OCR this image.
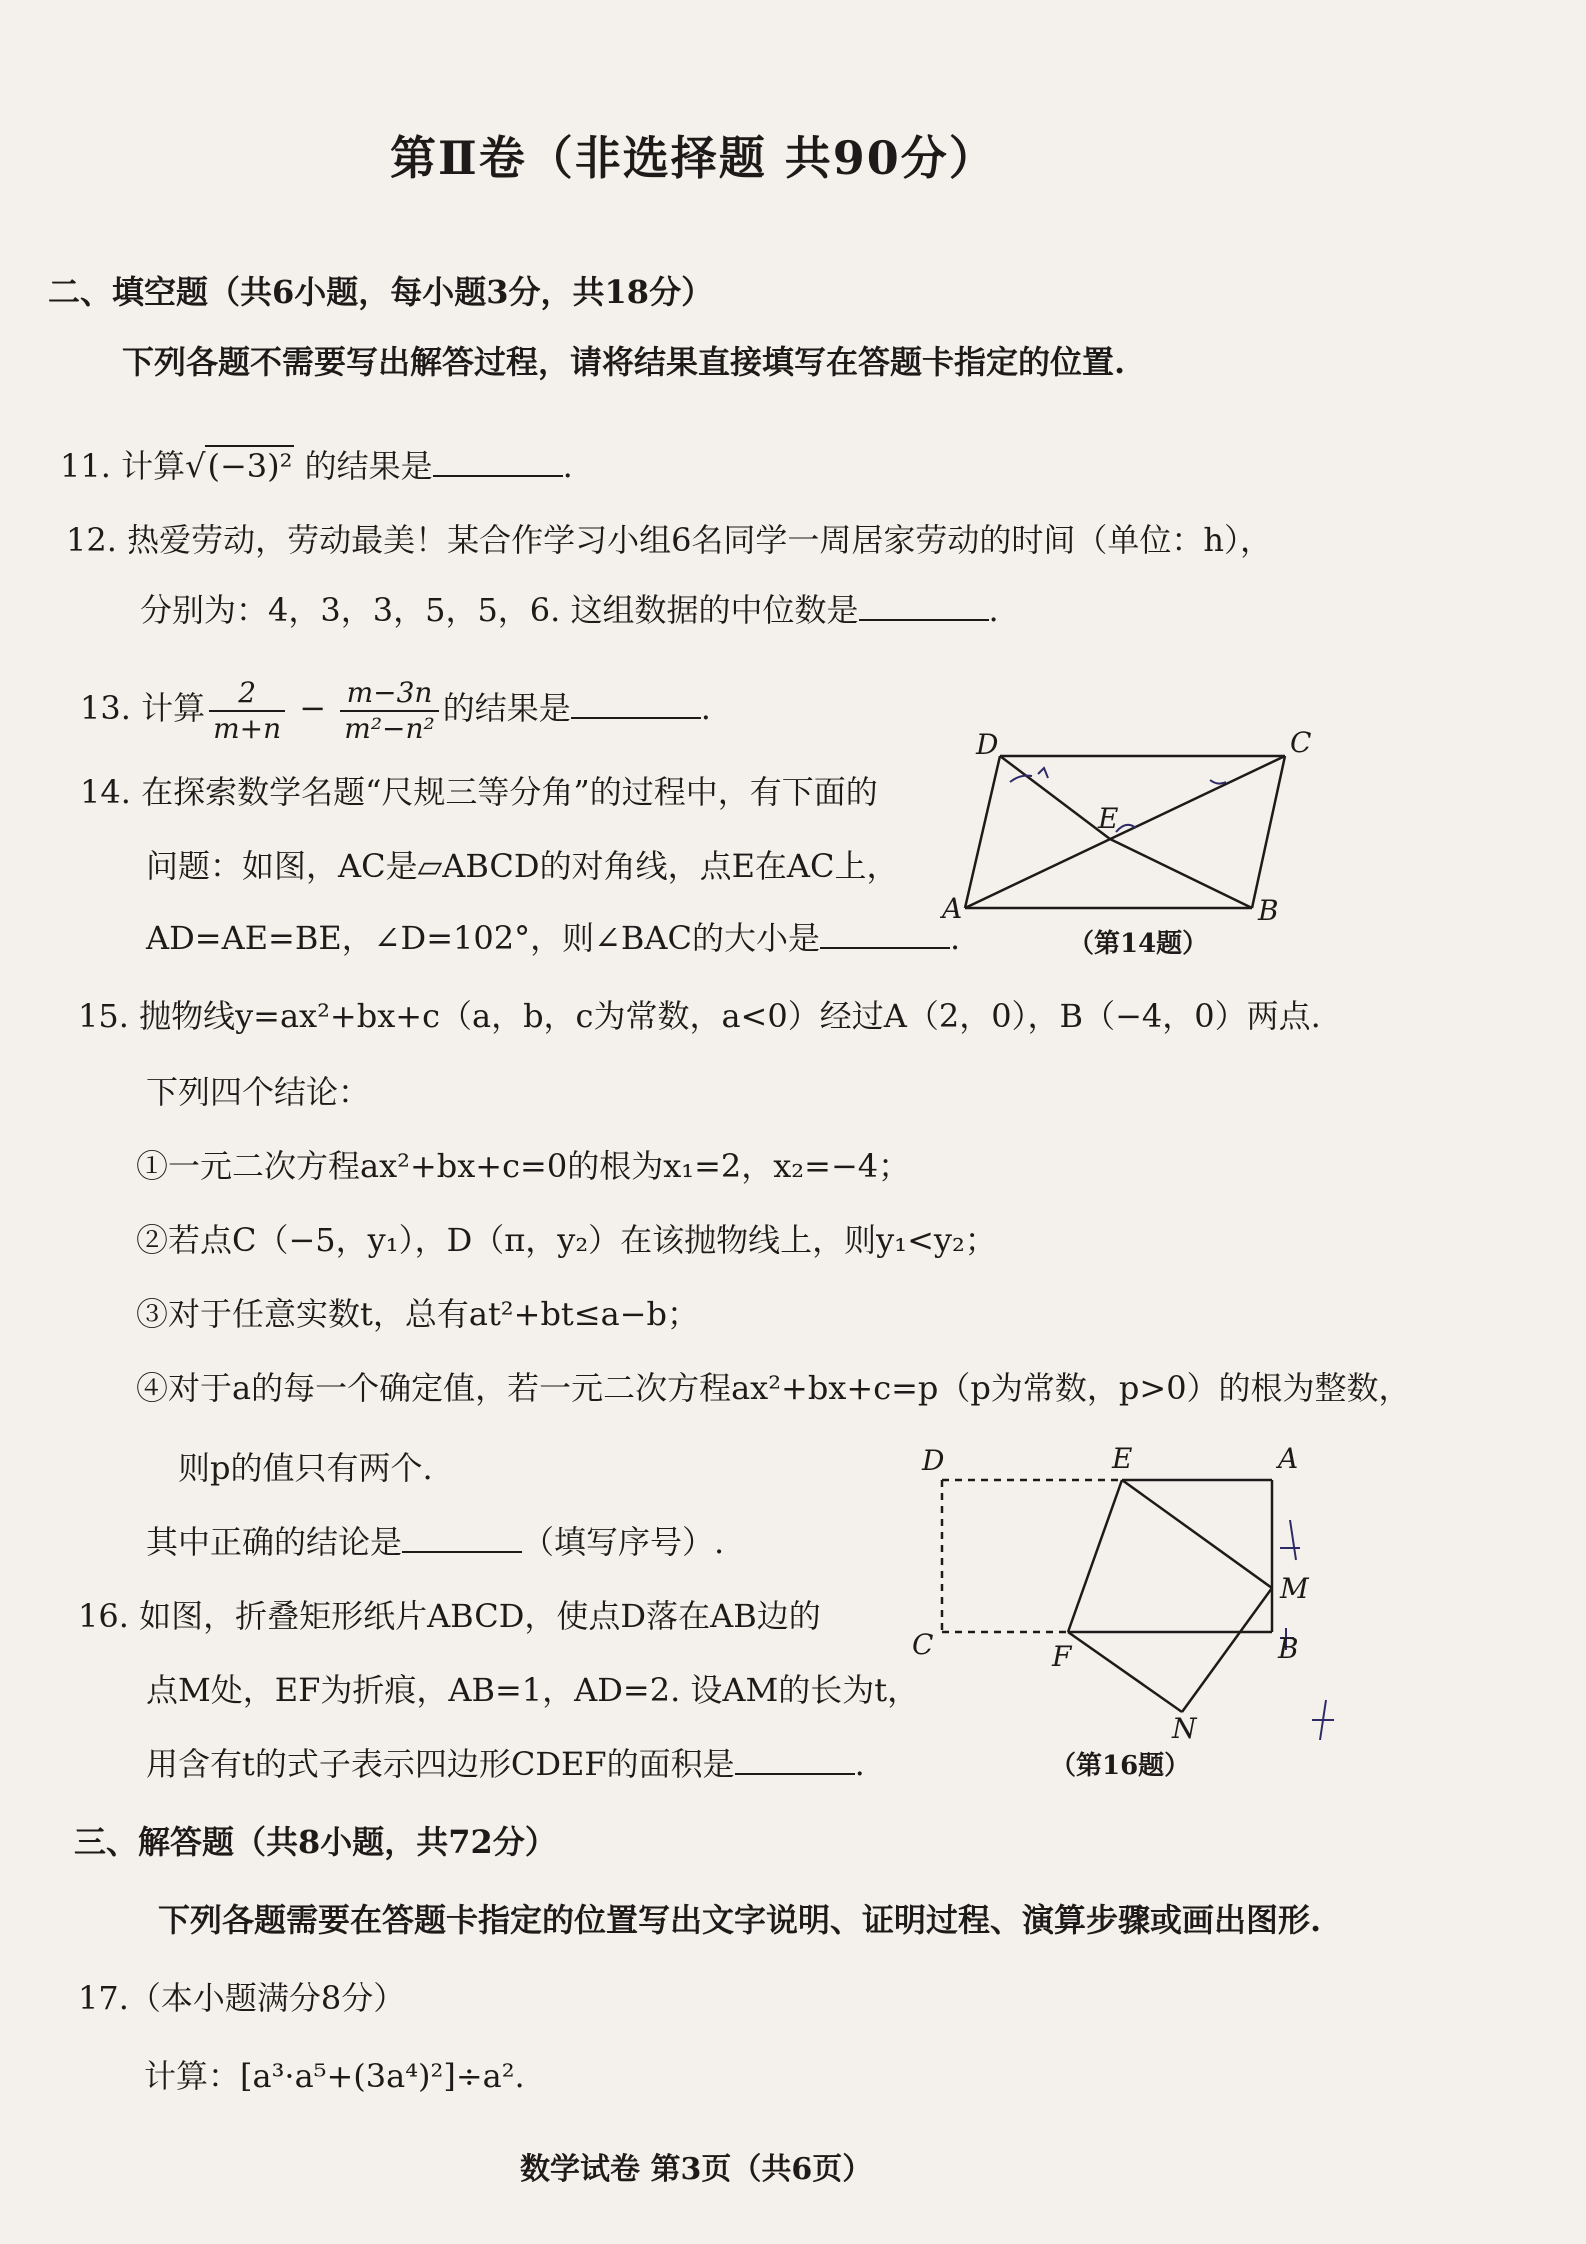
第Ⅱ卷（非选择题 共90分）
二、填空题（共6小题，每小题3分，共18分）
下列各题不需要写出解答过程，请将结果直接填写在答题卡指定的位置.
11. 计算√(−3)² 的结果是	.
12. 热爱劳动，劳动最美！某合作学习小组6名同学一周居家劳动的时间（单位：h），
分别为：4，3，3，5，5，6. 这组数据的中位数是	.
13. 计算 $\frac{2}{m+n} - \frac{m-3n}{\text{m²−n²}}$ 的结果是	.
14. 在探索数学名题“尺规三等分角”的过程中，有下面的
问题：如图，AC是▱ABCD的对角线，点E在AC上，
AD=AE=BE，∠D=102°，则∠BAC的大小是	.
D	C
A	B
E
（第14题）
15. 抛物线y=ax²+bx+c（a，b，c为常数，a<0）经过A（2，0），B（−4，0）两点.
下列四个结论：
①一元二次方程ax²+bx+c=0的根为x₁=2，x₂=−4；
②若点C（−5，y₁），D（π，y₂）在该抛物线上，则y₁<y₂；
③对于任意实数t，总有at²+bt≤a−b；
④对于a的每一个确定值，若一元二次方程ax²+bx+c=p（p为常数，p>0）的根为整数，
则p的值只有两个.
其中正确的结论是	（填写序号）.
16. 如图，折叠矩形纸片ABCD，使点D落在AB边的
点M处，EF为折痕，AB=1，AD=2. 设AM的长为t，
用含有t的式子表示四边形CDEF的面积是	.
D	E	A
M
B
C	F
N
（第16题）
三、解答题（共8小题，共72分）
下列各题需要在答题卡指定的位置写出文字说明、证明过程、演算步骤或画出图形.
17.（本小题满分8分）
计算：[a³·a⁵+(3a⁴)²]÷a².
数学试卷 第3页（共6页）
